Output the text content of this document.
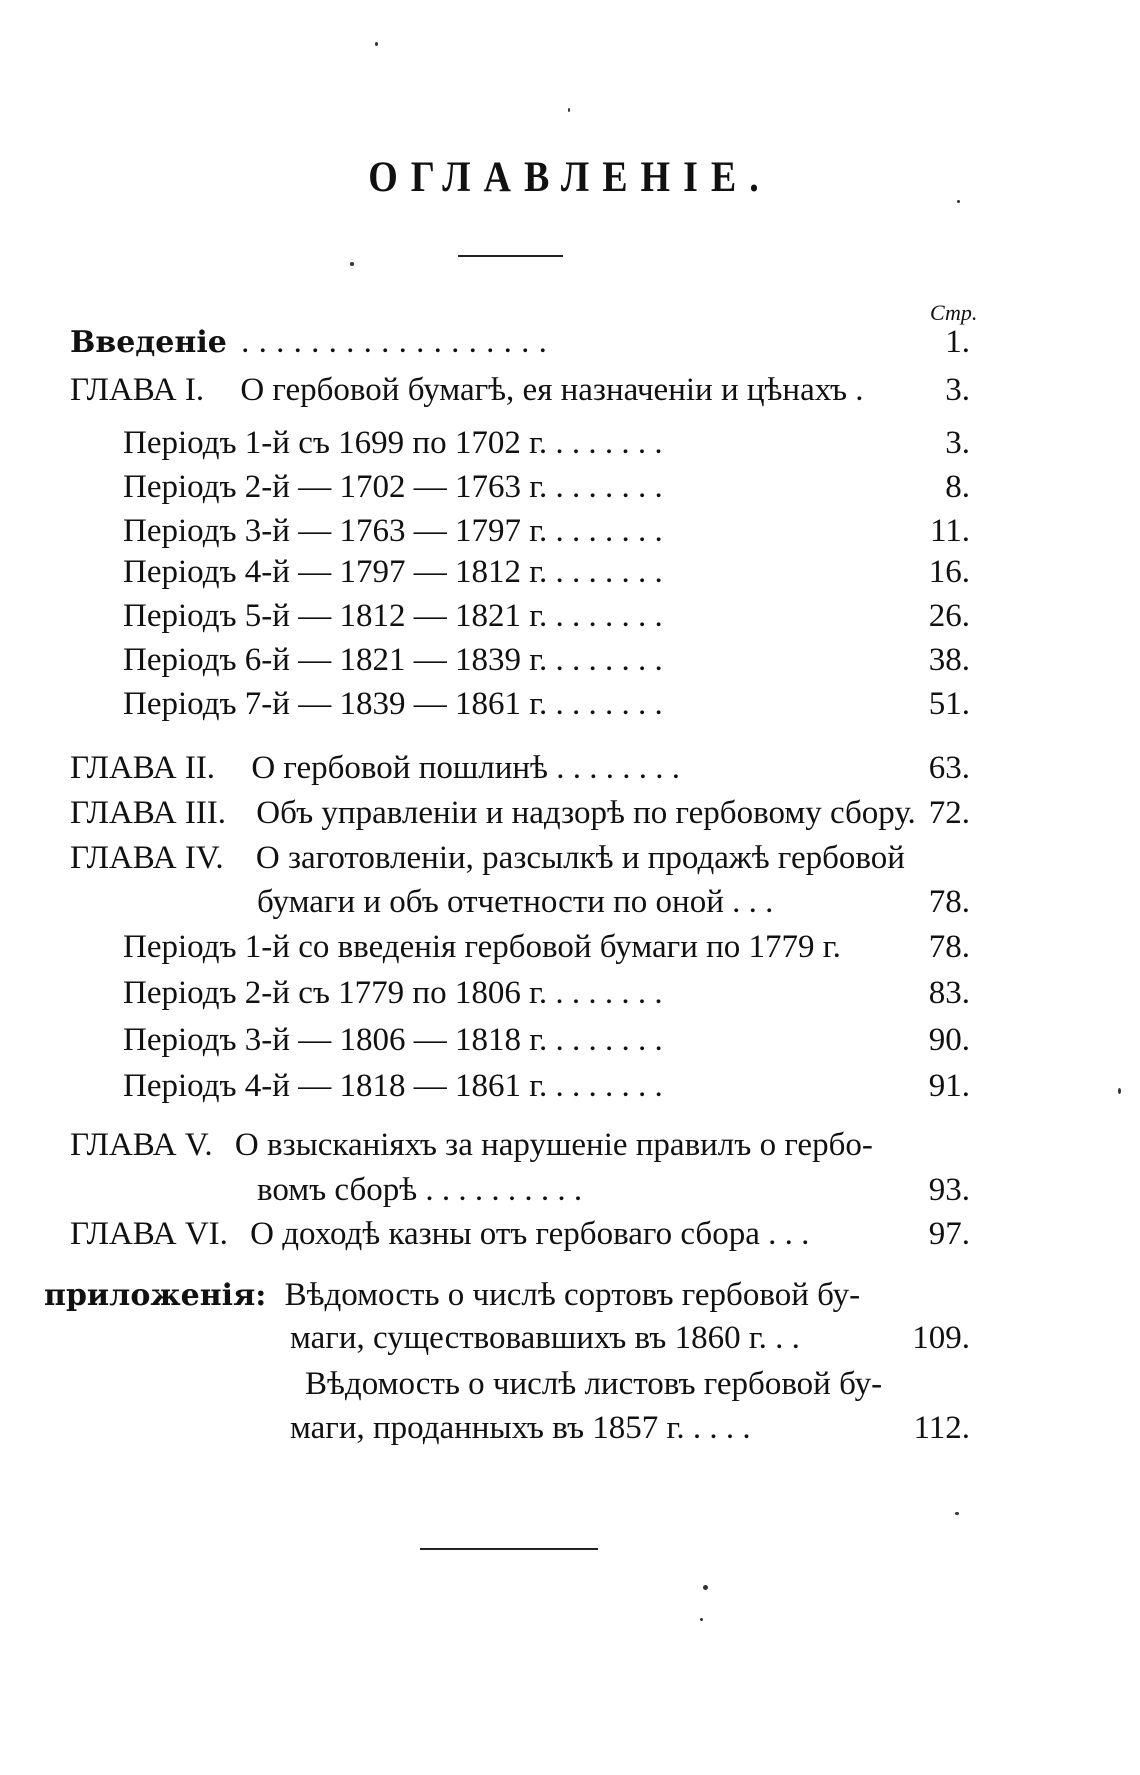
ОГЛАВЛЕНІЕ.
Стр.
Введеніе . . . . . . . . . . . . . . . . . .	1.
ГЛАВА I. О гербовой бумагѣ, ея назначеніи и цѣнахъ .	3.
Періодъ 1-й съ 1699 по 1702 г. . . . . . . .	3.
Періодъ 2-й — 1702 — 1763 г. . . . . . . .	8.
Періодъ 3-й — 1763 — 1797 г. . . . . . . .	11.
Періодъ 4-й — 1797 — 1812 г. . . . . . . .	16.
Періодъ 5-й — 1812 — 1821 г. . . . . . . .	26.
Періодъ 6-й — 1821 — 1839 г. . . . . . . .	38.
Періодъ 7-й — 1839 — 1861 г. . . . . . . .	51.
ГЛАВА II. О гербовой пошлинѣ . . . . . . . .	63.
ГЛАВА III. Объ управленіи и надзорѣ по гербовому сбору. 72.
ГЛАВА IV. О заготовленіи, разсылкѣ и продажѣ гербовой
бумаги и объ отчетности по оной . . .	78.
Періодъ 1-й со введенія гербовой бумаги по 1779 г.	78.
Періодъ 2-й съ 1779 по 1806 г. . . . . . . .	83.
Періодъ 3-й — 1806 — 1818 г. . . . . . . .	90.
Періодъ 4-й — 1818 — 1861 г. . . . . . . .	91.
ГЛАВА V. О взысканіяхъ за нарушеніе правилъ о гербо-
вомъ сборѣ . . . . . . . . . .	93.
ГЛАВА VI. О доходѣ казны отъ гербоваго сбора . . .	97.
приложенія: Вѣдомость о числѣ сортовъ гербовой бу-
маги, существовавшихъ въ 1860 г. . .	109.
Вѣдомость о числѣ листовъ гербовой бу-
маги, проданныхъ въ 1857 г. . . . .	112.
